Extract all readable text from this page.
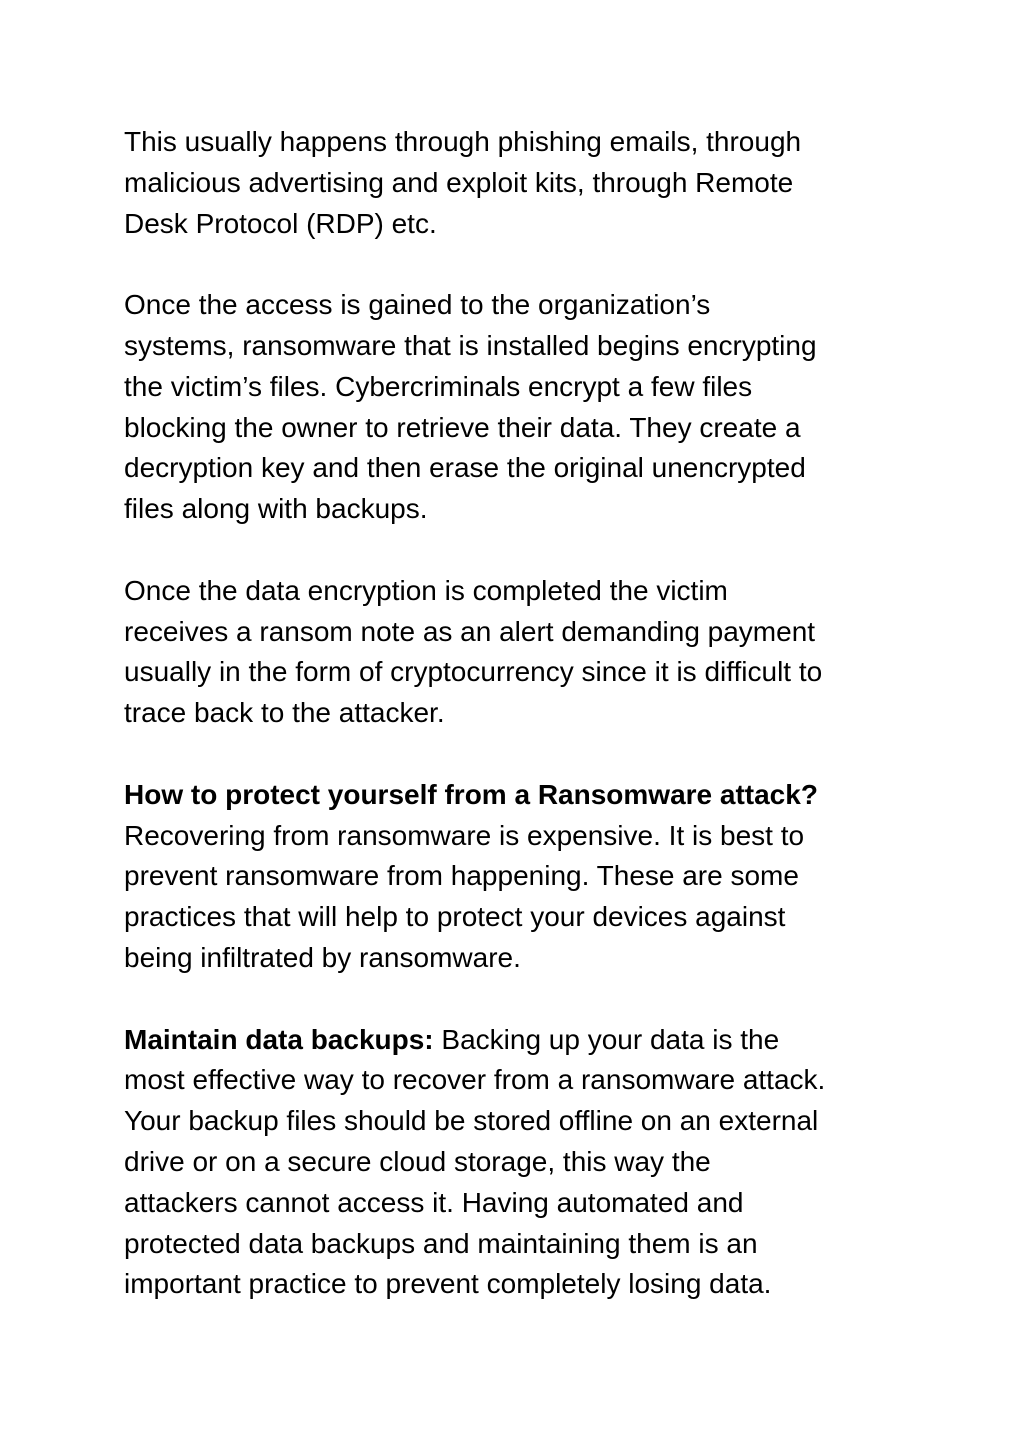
This usually happens through phishing emails, through
malicious advertising and exploit kits, through Remote
Desk Protocol (RDP) etc.
Once the access is gained to the organization’s
systems, ransomware that is installed begins encrypting
the victim’s files. Cybercriminals encrypt a few files
blocking the owner to retrieve their data. They create a
decryption key and then erase the original unencrypted
files along with backups.
Once the data encryption is completed the victim
receives a ransom note as an alert demanding payment
usually in the form of cryptocurrency since it is difficult to
trace back to the attacker.
How to protect yourself from a Ransomware attack?
Recovering from ransomware is expensive. It is best to
prevent ransomware from happening. These are some
practices that will help to protect your devices against
being infiltrated by ransomware.
Maintain data backups: Backing up your data is the
most effective way to recover from a ransomware attack.
Your backup files should be stored offline on an external
drive or on a secure cloud storage, this way the
attackers cannot access it. Having automated and
protected data backups and maintaining them is an
important practice to prevent completely losing data.
